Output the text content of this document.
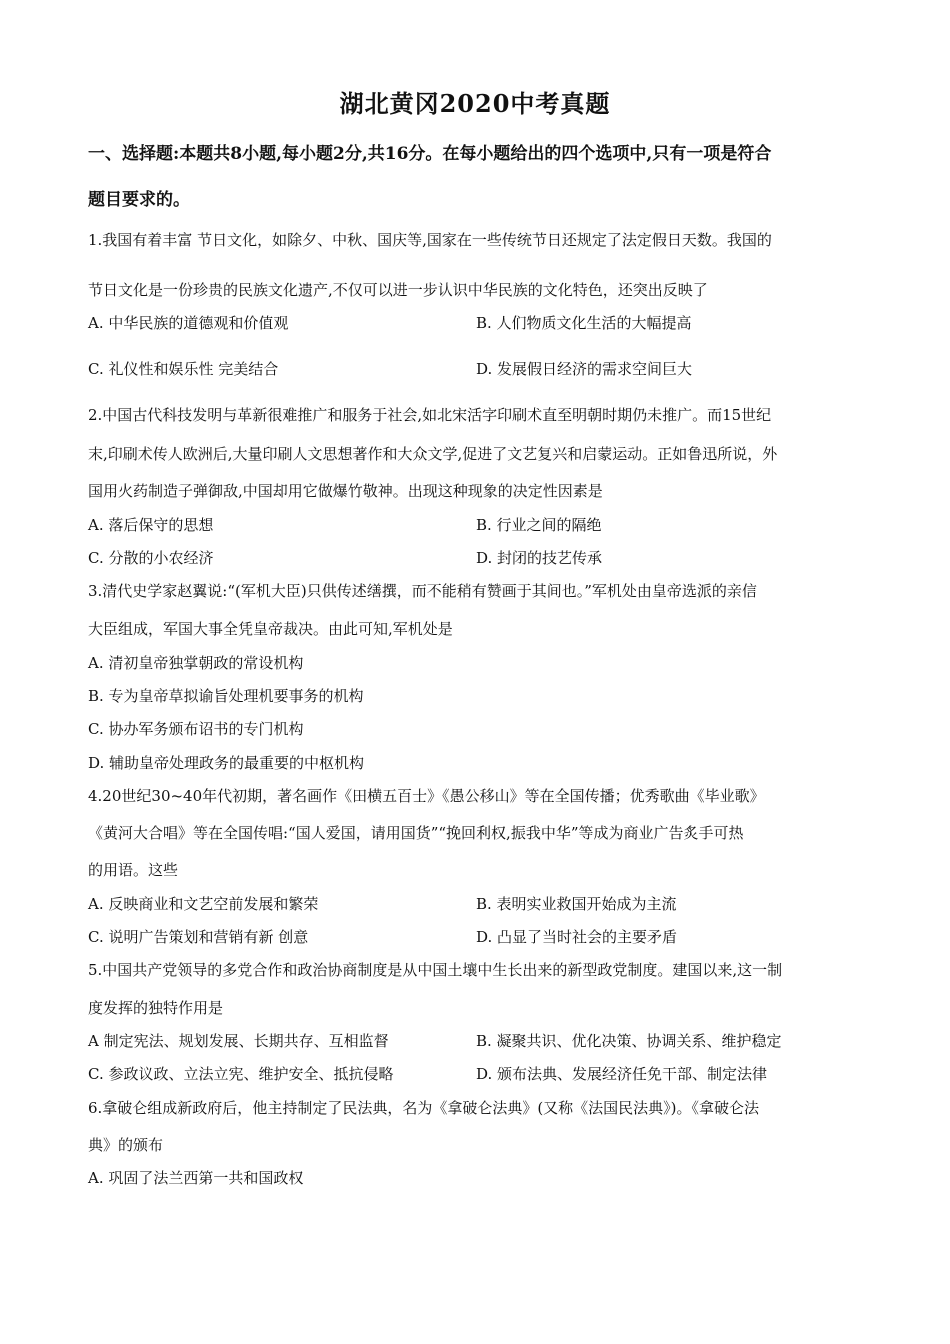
湖北黄冈2020中考真题
一、选择题:本题共8小题,每小题2分,共16分。在每小题给出的四个选项中,只有一项是符合
题目要求的。
1.我国有着丰富 节日文化，如除夕、中秋、国庆等,国家在一些传统节日还规定了法定假日天数。我国的
节日文化是一份珍贵的民族文化遗产,不仅可以进一步认识中华民族的文化特色，还突出反映了
A. 中华民族的道德观和价值观	B. 人们物质文化生活的大幅提高
C. 礼仪性和娱乐性 完美结合	D. 发展假日经济的需求空间巨大
2.中国古代科技发明与革新很难推广和服务于社会,如北宋活字印刷术直至明朝时期仍未推广。而15世纪
末,印刷术传人欧洲后,大量印刷人文思想著作和大众文学,促进了文艺复兴和启蒙运动。正如鲁迅所说，外
国用火药制造子弹御敌,中国却用它做爆竹敬神。出现这种现象的决定性因素是
A. 落后保守的思想	B. 行业之间的隔绝
C. 分散的小农经济	D. 封闭的技艺传承
3.清代史学家赵翼说:“(军机大臣)只供传述缮撰，而不能稍有赞画于其间也。”军机处由皇帝选派的亲信
大臣组成，军国大事全凭皇帝裁决。由此可知,军机处是
A. 清初皇帝独掌朝政的常设机构
B. 专为皇帝草拟谕旨处理机要事务的机构
C. 协办军务颁布诏书的专门机构
D. 辅助皇帝处理政务的最重要的中枢机构
4.20世纪30~40年代初期，著名画作《田横五百士》《愚公移山》等在全国传播；优秀歌曲《毕业歌》
《黄河大合唱》等在全国传唱:“国人爱国，请用国货”“挽回利权,振我中华”等成为商业广告炙手可热
的用语。这些
A. 反映商业和文艺空前发展和繁荣	B. 表明实业救国开始成为主流
C. 说明广告策划和营销有新 创意	D. 凸显了当时社会的主要矛盾
5.中国共产党领导的多党合作和政治协商制度是从中国土壤中生长出来的新型政党制度。建国以来,这一制
度发挥的独特作用是
A 制定宪法、规划发展、长期共存、互相监督	B. 凝聚共识、优化决策、协调关系、维护稳定
C. 参政议政、立法立宪、维护安全、抵抗侵略	D. 颁布法典、发展经济任免干部、制定法律
6.拿破仑组成新政府后，他主持制定了民法典，名为《拿破仑法典》(又称《法国民法典》)。《拿破仑法
典》的颁布
A. 巩固了法兰西第一共和国政权
